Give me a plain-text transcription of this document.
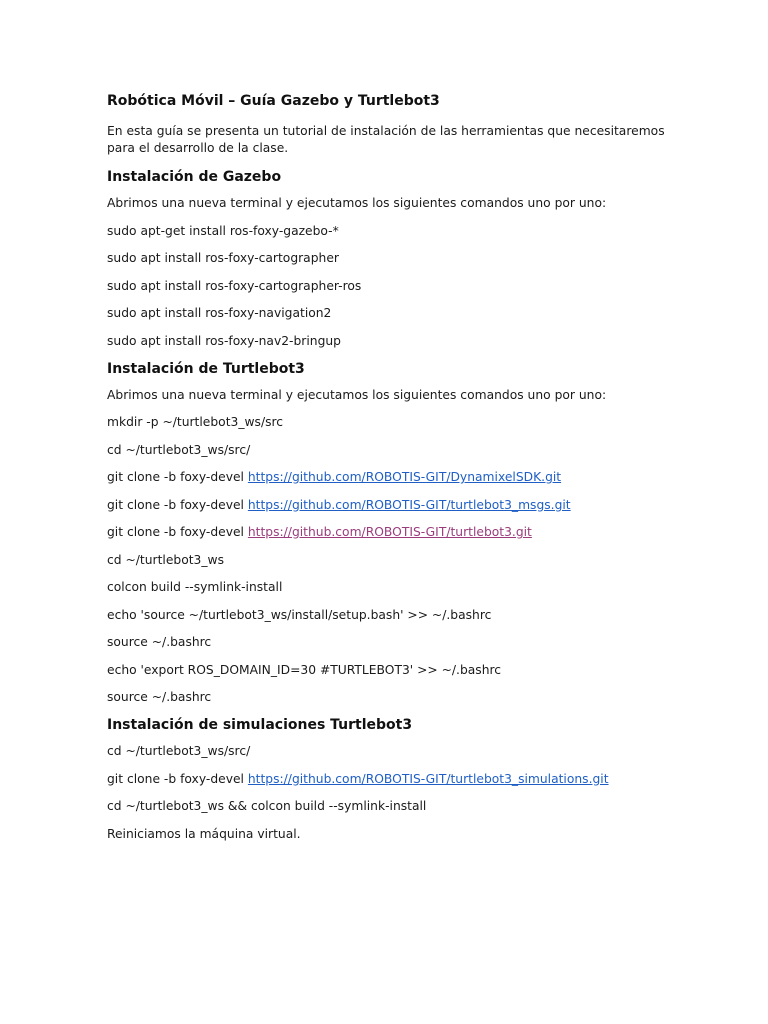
Robótica Móvil – Guía Gazebo y Turtlebot3

En esta guía se presenta un tutorial de instalación de las herramientas que necesitaremos para el desarrollo de la clase.

Instalación de Gazebo
Abrimos una nueva terminal y ejecutamos los siguientes comandos uno por uno:
sudo apt-get install ros-foxy-gazebo-*
sudo apt install ros-foxy-cartographer
sudo apt install ros-foxy-cartographer-ros
sudo apt install ros-foxy-navigation2
sudo apt install ros-foxy-nav2-bringup
Instalación de Turtlebot3
Abrimos una nueva terminal y ejecutamos los siguientes comandos uno por uno:
mkdir -p ~/turtlebot3_ws/src
cd ~/turtlebot3_ws/src/
git clone -b foxy-devel https://github.com/ROBOTIS-GIT/DynamixelSDK.git
git clone -b foxy-devel https://github.com/ROBOTIS-GIT/turtlebot3_msgs.git
git clone -b foxy-devel https://github.com/ROBOTIS-GIT/turtlebot3.git
cd ~/turtlebot3_ws
colcon build --symlink-install
echo 'source ~/turtlebot3_ws/install/setup.bash' >> ~/.bashrc
source ~/.bashrc
echo 'export ROS_DOMAIN_ID=30 #TURTLEBOT3' >> ~/.bashrc
source ~/.bashrc
Instalación de simulaciones Turtlebot3
cd ~/turtlebot3_ws/src/
git clone -b foxy-devel https://github.com/ROBOTIS-GIT/turtlebot3_simulations.git
cd ~/turtlebot3_ws && colcon build --symlink-install
Reiniciamos la máquina virtual.
